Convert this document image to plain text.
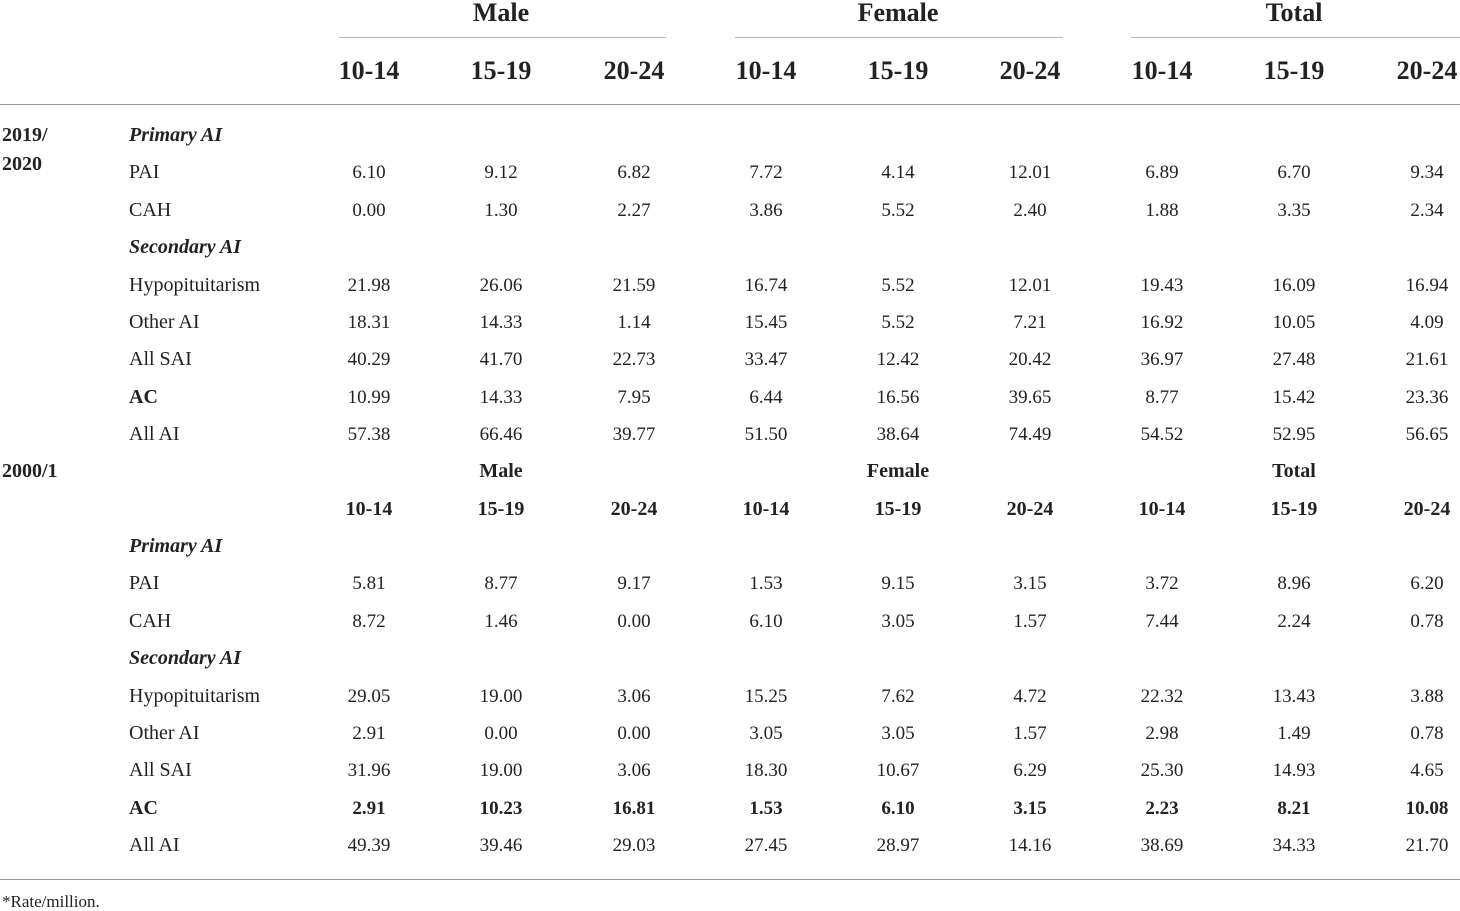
Male	Female	Total
10-14	15-19	20-24	10-14	15-19	20-24	10-14	15-19	20-24
2019/
2020
Primary AI
PAI	6.10	9.12	6.82	7.72	4.14	12.01	6.89	6.70	9.34
CAH	0.00	1.30	2.27	3.86	5.52	2.40	1.88	3.35	2.34
Secondary AI
Hypopituitarism	21.98	26.06	21.59	16.74	5.52	12.01	19.43	16.09	16.94
Other AI	18.31	14.33	1.14	15.45	5.52	7.21	16.92	10.05	4.09
All SAI	40.29	41.70	22.73	33.47	12.42	20.42	36.97	27.48	21.61
AC	10.99	14.33	7.95	6.44	16.56	39.65	8.77	15.42	23.36
All AI	57.38	66.46	39.77	51.50	38.64	74.49	54.52	52.95	56.65
2000/1	Male	Female	Total
10-14	15-19	20-24	10-14	15-19	20-24	10-14	15-19	20-24
Primary AI
PAI	5.81	8.77	9.17	1.53	9.15	3.15	3.72	8.96	6.20
CAH	8.72	1.46	0.00	6.10	3.05	1.57	7.44	2.24	0.78
Secondary AI
Hypopituitarism	29.05	19.00	3.06	15.25	7.62	4.72	22.32	13.43	3.88
Other AI	2.91	0.00	0.00	3.05	3.05	1.57	2.98	1.49	0.78
All SAI	31.96	19.00	3.06	18.30	10.67	6.29	25.30	14.93	4.65
AC	2.91	10.23	16.81	1.53	6.10	3.15	2.23	8.21	10.08
All AI	49.39	39.46	29.03	27.45	28.97	14.16	38.69	34.33	21.70
*Rate/million.
